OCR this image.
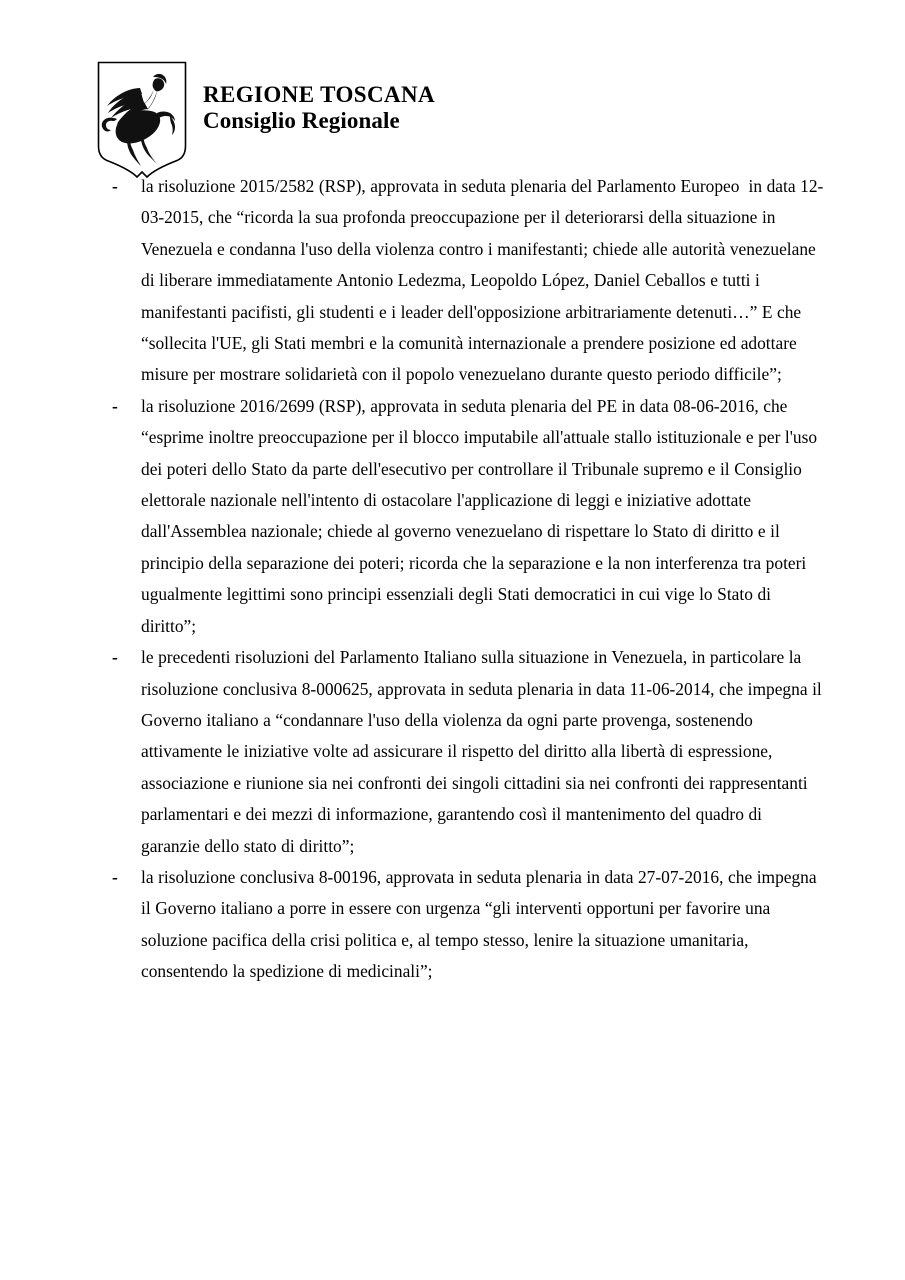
REGIONE TOSCANA
Consiglio Regionale
- la risoluzione 2015/2582 (RSP), approvata in seduta plenaria del Parlamento Europeo  in data 12-03-2015, che “ricorda la sua profonda preoccupazione per il deteriorarsi della situazione in Venezuela e condanna l'uso della violenza contro i manifestanti; chiede alle autorità venezuelane di liberare immediatamente Antonio Ledezma, Leopoldo López, Daniel Ceballos e tutti i manifestanti pacifisti, gli studenti e i leader dell'opposizione arbitrariamente detenuti…” E che “sollecita l'UE, gli Stati membri e la comunità internazionale a prendere posizione ed adottare misure per mostrare solidarietà con il popolo venezuelano durante questo periodo difficile”;
- la risoluzione 2016/2699 (RSP), approvata in seduta plenaria del PE in data 08-06-2016, che “esprime inoltre preoccupazione per il blocco imputabile all'attuale stallo istituzionale e per l'uso dei poteri dello Stato da parte dell'esecutivo per controllare il Tribunale supremo e il Consiglio elettorale nazionale nell'intento di ostacolare l'applicazione di leggi e iniziative adottate dall'Assemblea nazionale; chiede al governo venezuelano di rispettare lo Stato di diritto e il principio della separazione dei poteri; ricorda che la separazione e la non interferenza tra poteri ugualmente legittimi sono principi essenziali degli Stati democratici in cui vige lo Stato di diritto”;
- le precedenti risoluzioni del Parlamento Italiano sulla situazione in Venezuela, in particolare la risoluzione conclusiva 8-000625, approvata in seduta plenaria in data 11-06-2014, che impegna il Governo italiano a “condannare l'uso della violenza da ogni parte provenga, sostenendo attivamente le iniziative volte ad assicurare il rispetto del diritto alla libertà di espressione, associazione e riunione sia nei confronti dei singoli cittadini sia nei confronti dei rappresentanti parlamentari e dei mezzi di informazione, garantendo così il mantenimento del quadro di garanzie dello stato di diritto”;
- la risoluzione conclusiva 8-00196, approvata in seduta plenaria in data 27-07-2016, che impegna il Governo italiano a porre in essere con urgenza “gli interventi opportuni per favorire una soluzione pacifica della crisi politica e, al tempo stesso, lenire la situazione umanitaria, consentendo la spedizione di medicinali”;
